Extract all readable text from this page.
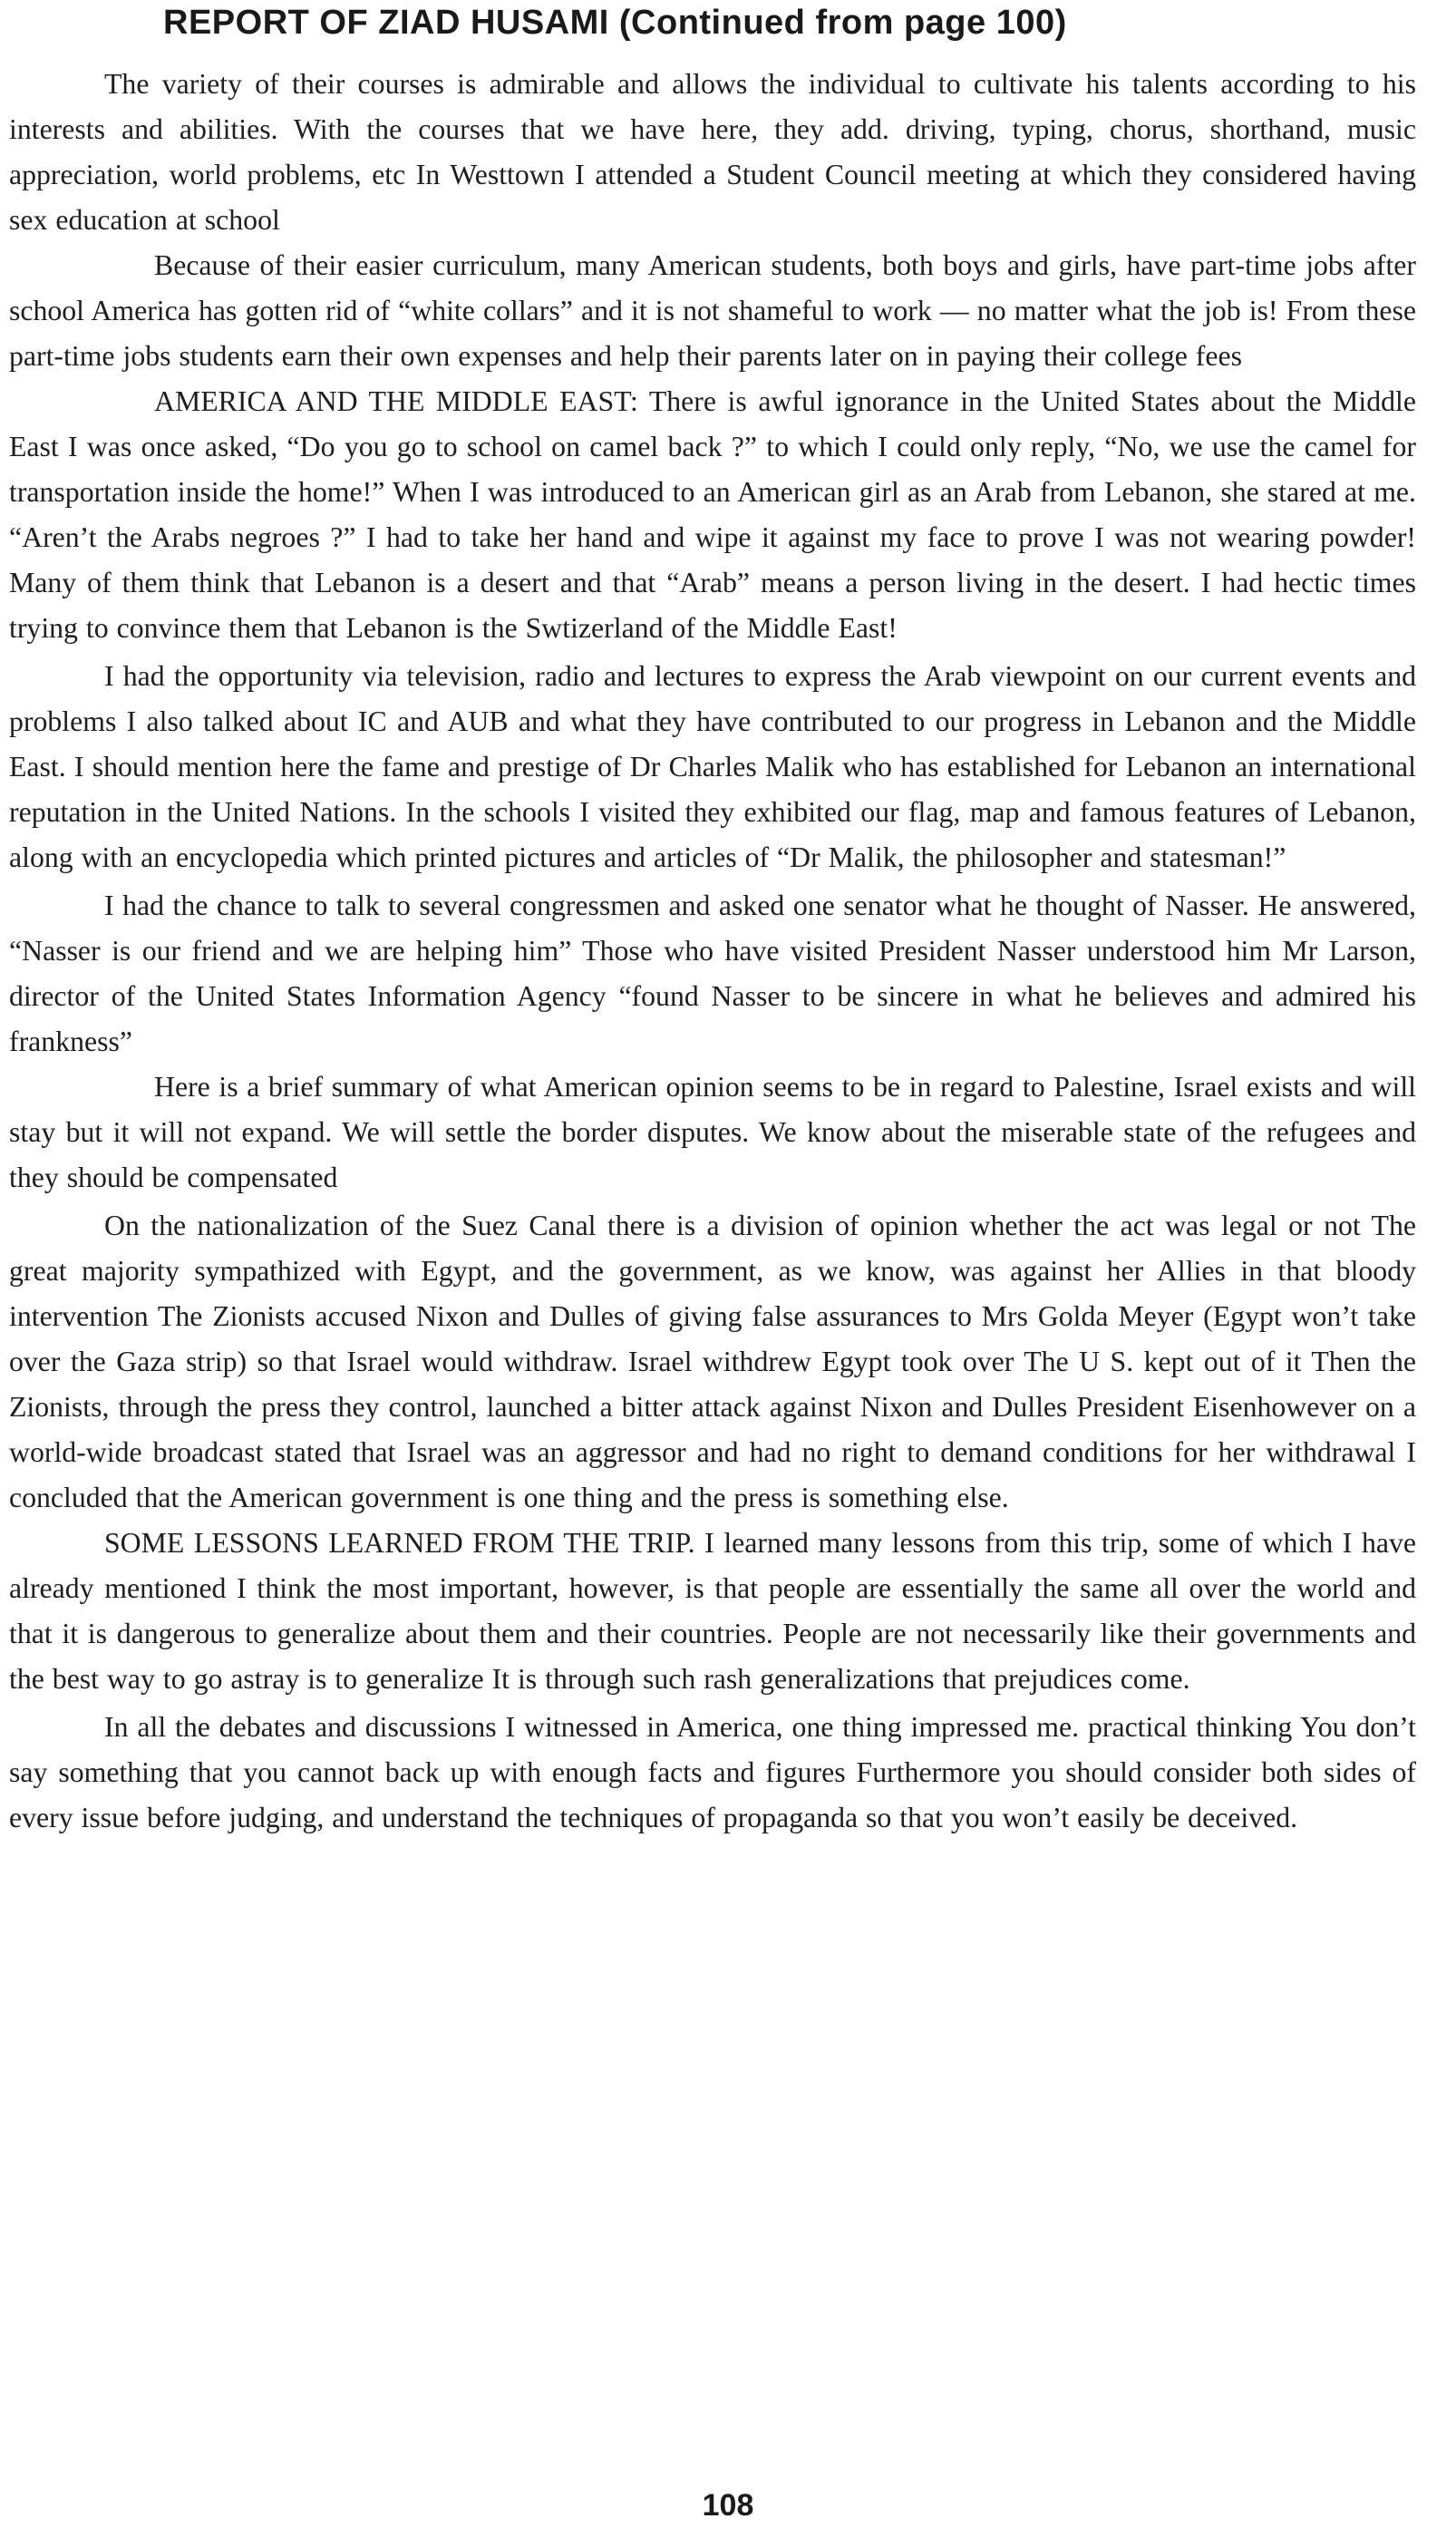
REPORT OF ZIAD HUSAMI (Continued from page 100)

The variety of their courses is admirable and allows the individual to cultivate his talents according to his interests and abilities. With the courses that we have here, they add. driving, typing, chorus, shorthand, music appreciation, world problems, etc In Westtown I attended a Student Council meeting at which they considered having sex education at school

Because of their easier curriculum, many American students, both boys and girls, have part-time jobs after school America has gotten rid of “white collars” and it is not shameful to work — no matter what the job is! From these part-time jobs students earn their own expenses and help their parents later on in paying their college fees

AMERICA AND THE MIDDLE EAST: There is awful ignorance in the United States about the Middle East I was once asked, “Do you go to school on camel back ?” to which I could only reply, “No, we use the camel for transportation inside the home!” When I was introduced to an American girl as an Arab from Lebanon, she stared at me. “Aren’t the Arabs negroes ?” I had to take her hand and wipe it against my face to prove I was not wearing powder! Many of them think that Lebanon is a desert and that “Arab” means a person living in the desert. I had hectic times trying to convince them that Lebanon is the Swtizerland of the Middle East!

I had the opportunity via television, radio and lectures to express the Arab viewpoint on our current events and problems I also talked about IC and AUB and what they have contributed to our progress in Lebanon and the Middle East. I should mention here the fame and prestige of Dr Charles Malik who has established for Lebanon an international reputation in the United Nations. In the schools I visited they exhibited our flag, map and famous features of Lebanon, along with an encyclopedia which printed pictures and articles of “Dr Malik, the philosopher and statesman!”

I had the chance to talk to several congressmen and asked one senator what he thought of Nasser. He answered, “Nasser is our friend and we are helping him” Those who have visited President Nasser understood him Mr Larson, director of the United States Information Agency “found Nasser to be sincere in what he believes and admired his frankness”

Here is a brief summary of what American opinion seems to be in regard to Palestine, Israel exists and will stay but it will not expand. We will settle the border disputes. We know about the miserable state of the refugees and they should be compensated

On the nationalization of the Suez Canal there is a division of opinion whether the act was legal or not The great majority sympathized with Egypt, and the government, as we know, was against her Allies in that bloody intervention The Zionists accused Nixon and Dulles of giving false assurances to Mrs Golda Meyer (Egypt won’t take over the Gaza strip) so that Israel would withdraw. Israel withdrew Egypt took over The U S. kept out of it Then the Zionists, through the press they control, launched a bitter attack against Nixon and Dulles President Eisenhowever on a world-wide broadcast stated that Israel was an aggressor and had no right to demand conditions for her withdrawal I concluded that the American government is one thing and the press is something else.

SOME LESSONS LEARNED FROM THE TRIP. I learned many lessons from this trip, some of which I have already mentioned I think the most important, however, is that people are essentially the same all over the world and that it is dangerous to generalize about them and their countries. People are not necessarily like their governments and the best way to go astray is to generalize It is through such rash generalizations that prejudices come.

In all the debates and discussions I witnessed in America, one thing impressed me. practical thinking You don’t say something that you cannot back up with enough facts and figures Furthermore you should consider both sides of every issue before judging, and understand the techniques of propaganda so that you won’t easily be deceived.

108
